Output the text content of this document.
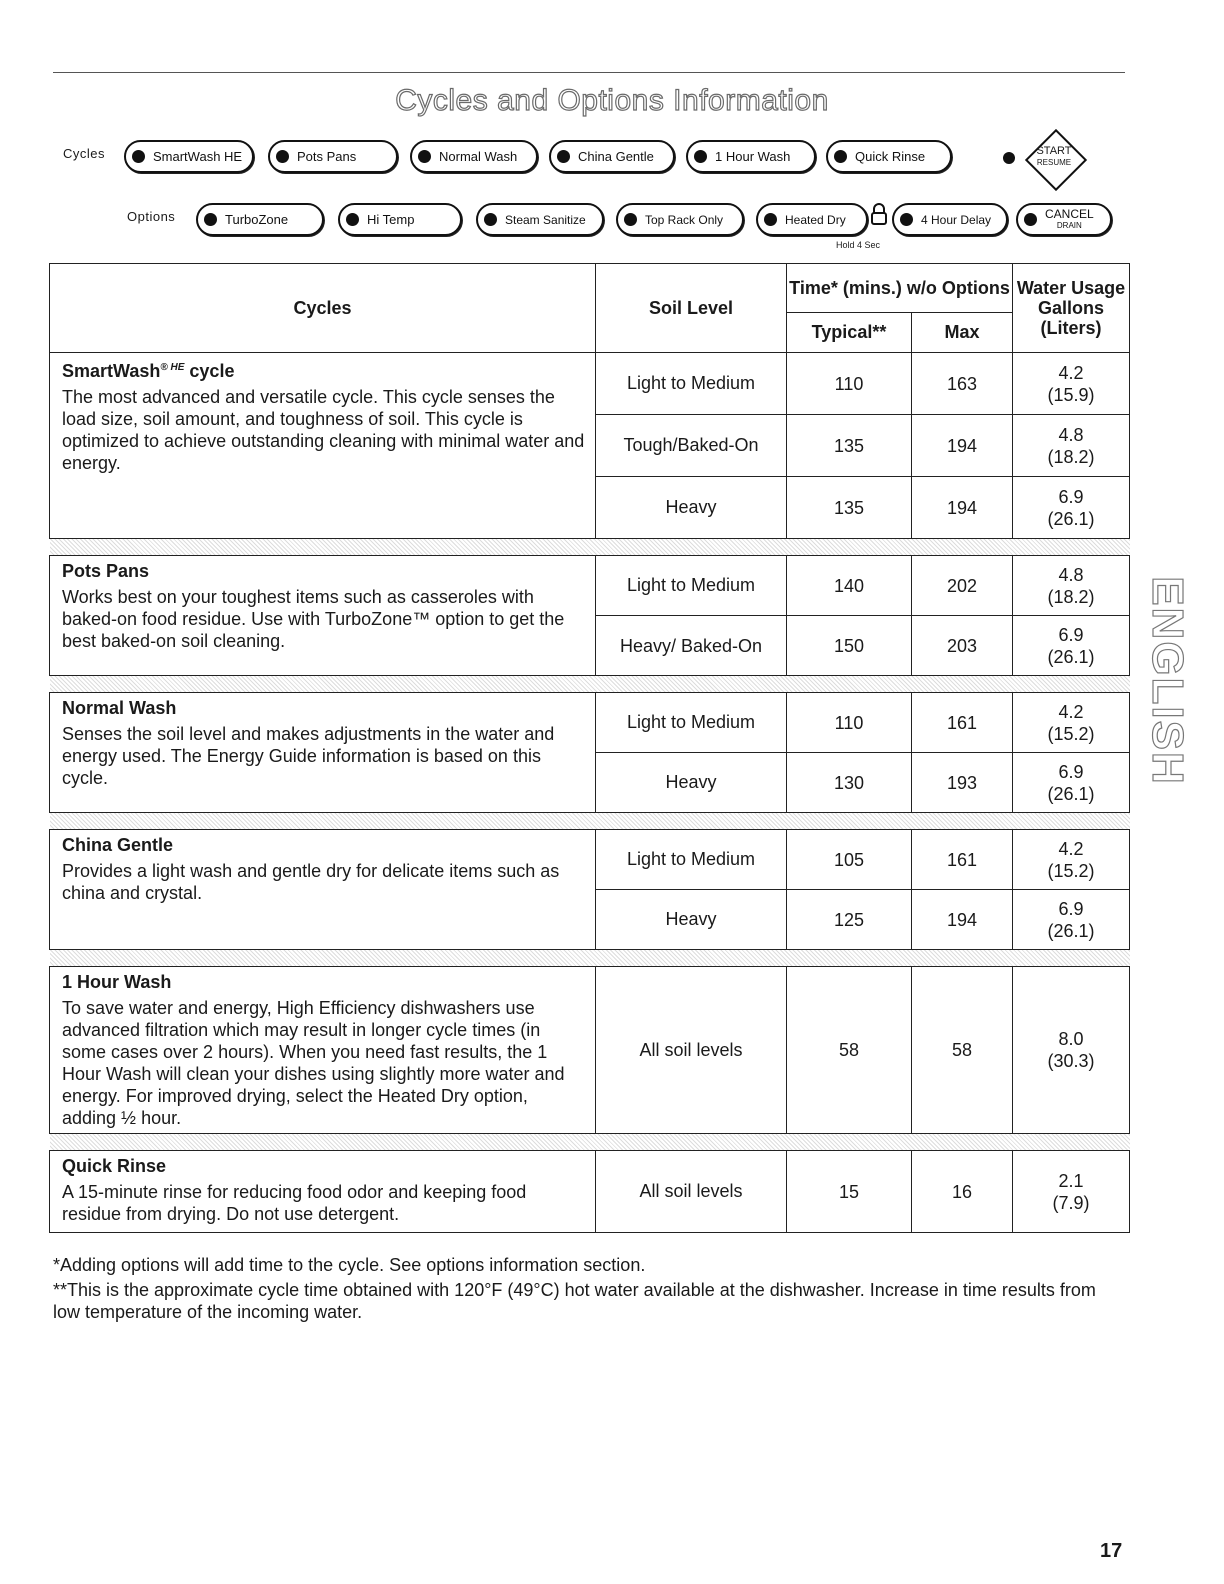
Cycles and Options Information
Cycles
Options
SmartWash HE	Pots Pans	Normal Wash	China Gentle	1 Hour Wash	Quick Rinse	START
RESUME
TurboZone	Hi Temp	Steam Sanitize	Top Rack Only	Heated Dry	4 Hour Delay	CANCEL
DRAIN
Hold 4 Sec
Cycles	Soil Level	Time* (mins.) w/o Options		Water Usage Gallons (Liters)
		Typical**	Max	

SmartWash$^{® HE}$ cycle
The most advanced and versatile cycle. This cycle senses the load size, soil amount, and toughness of soil. This cycle is optimized to achieve outstanding cleaning with minimal water and energy.	Light to Medium	110	163	4.2
(15.9)
	Tough/Baked-On	135	194	4.8
(18.2)
	Heavy	135	194	6.9
(26.1)

Pots Pans
Works best on your toughest items such as casseroles with baked-on food residue. Use with TurboZone™ option to get the best baked-on soil cleaning.	Light to Medium	140	202	4.8
(18.2)
	Heavy/ Baked-On	150	203	6.9
(26.1)

Normal Wash
Senses the soil level and makes adjustments in the water and energy used. The Energy Guide information is based on this cycle.	Light to Medium	110	161	4.2
(15.2)
	Heavy	130	193	6.9
(26.1)

China Gentle
Provides a light wash and gentle dry for delicate items such as china and crystal.	Light to Medium	105	161	4.2
(15.2)
	Heavy	125	194	6.9
(26.1)

1 Hour Wash
To save water and energy, High Efficiency dishwashers use advanced filtration which may result in longer cycle times (in some cases over 2 hours). When you need fast results, the 1 Hour Wash will clean your dishes using slightly more water and energy. For improved drying, select the Heated Dry option, adding ½ hour.	All soil levels	58	58	8.0
(30.3)

Quick Rinse
A 15-minute rinse for reducing food odor and keeping food residue from drying. Do not use detergent.	All soil levels	15	16	2.1
(7.9)

*Adding options will add time to the cycle. See options information section.

**This is the approximate cycle time obtained with 120°F (49°C) hot water available at the dishwasher. Increase in time results from low temperature of the incoming water.

ENGLISH
17
